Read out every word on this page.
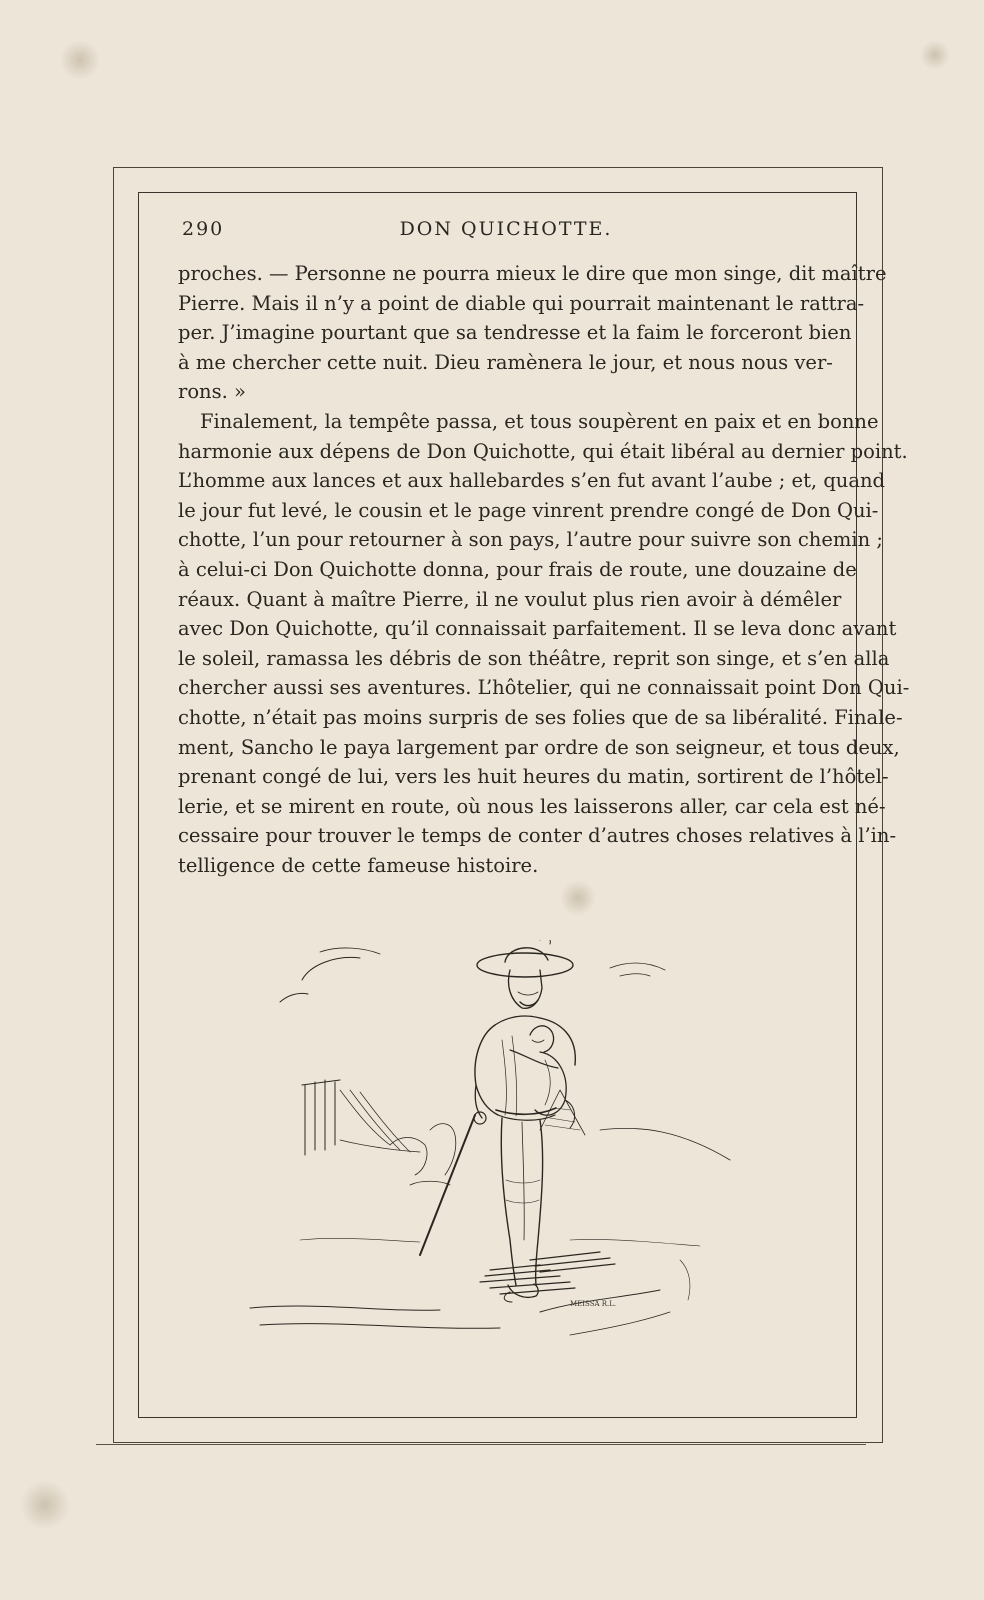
290	DON QUICHOTTE.
proches. — Personne ne pourra mieux le dire que mon singe, dit maître
Pierre. Mais il n’y a point de diable qui pourrait maintenant le rattra-
per. J’imagine pourtant que sa tendresse et la faim le forceront bien
à me chercher cette nuit. Dieu ramènera le jour, et nous nous ver-
rons. »
Finalement, la tempête passa, et tous soupèrent en paix et en bonne
harmonie aux dépens de Don Quichotte, qui était libéral au dernier point.
L’homme aux lances et aux hallebardes s’en fut avant l’aube ; et, quand
le jour fut levé, le cousin et le page vinrent prendre congé de Don Qui-
chotte, l’un pour retourner à son pays, l’autre pour suivre son chemin ;
à celui-ci Don Quichotte donna, pour frais de route, une douzaine de
réaux. Quant à maître Pierre, il ne voulut plus rien avoir à démêler
avec Don Quichotte, qu’il connaissait parfaitement. Il se leva donc avant
le soleil, ramassa les débris de son théâtre, reprit son singe, et s’en alla
chercher aussi ses aventures. L’hôtelier, qui ne connaissait point Don Qui-
chotte, n’était pas moins surpris de ses folies que de sa libéralité. Finale-
ment, Sancho le paya largement par ordre de son seigneur, et tous deux,
prenant congé de lui, vers les huit heures du matin, sortirent de l’hôtel-
lerie, et se mirent en route, où nous les laisserons aller, car cela est né-
cessaire pour trouver le temps de conter d’autres choses relatives à l’in-
telligence de cette fameuse histoire.
MEISSA R.L.
